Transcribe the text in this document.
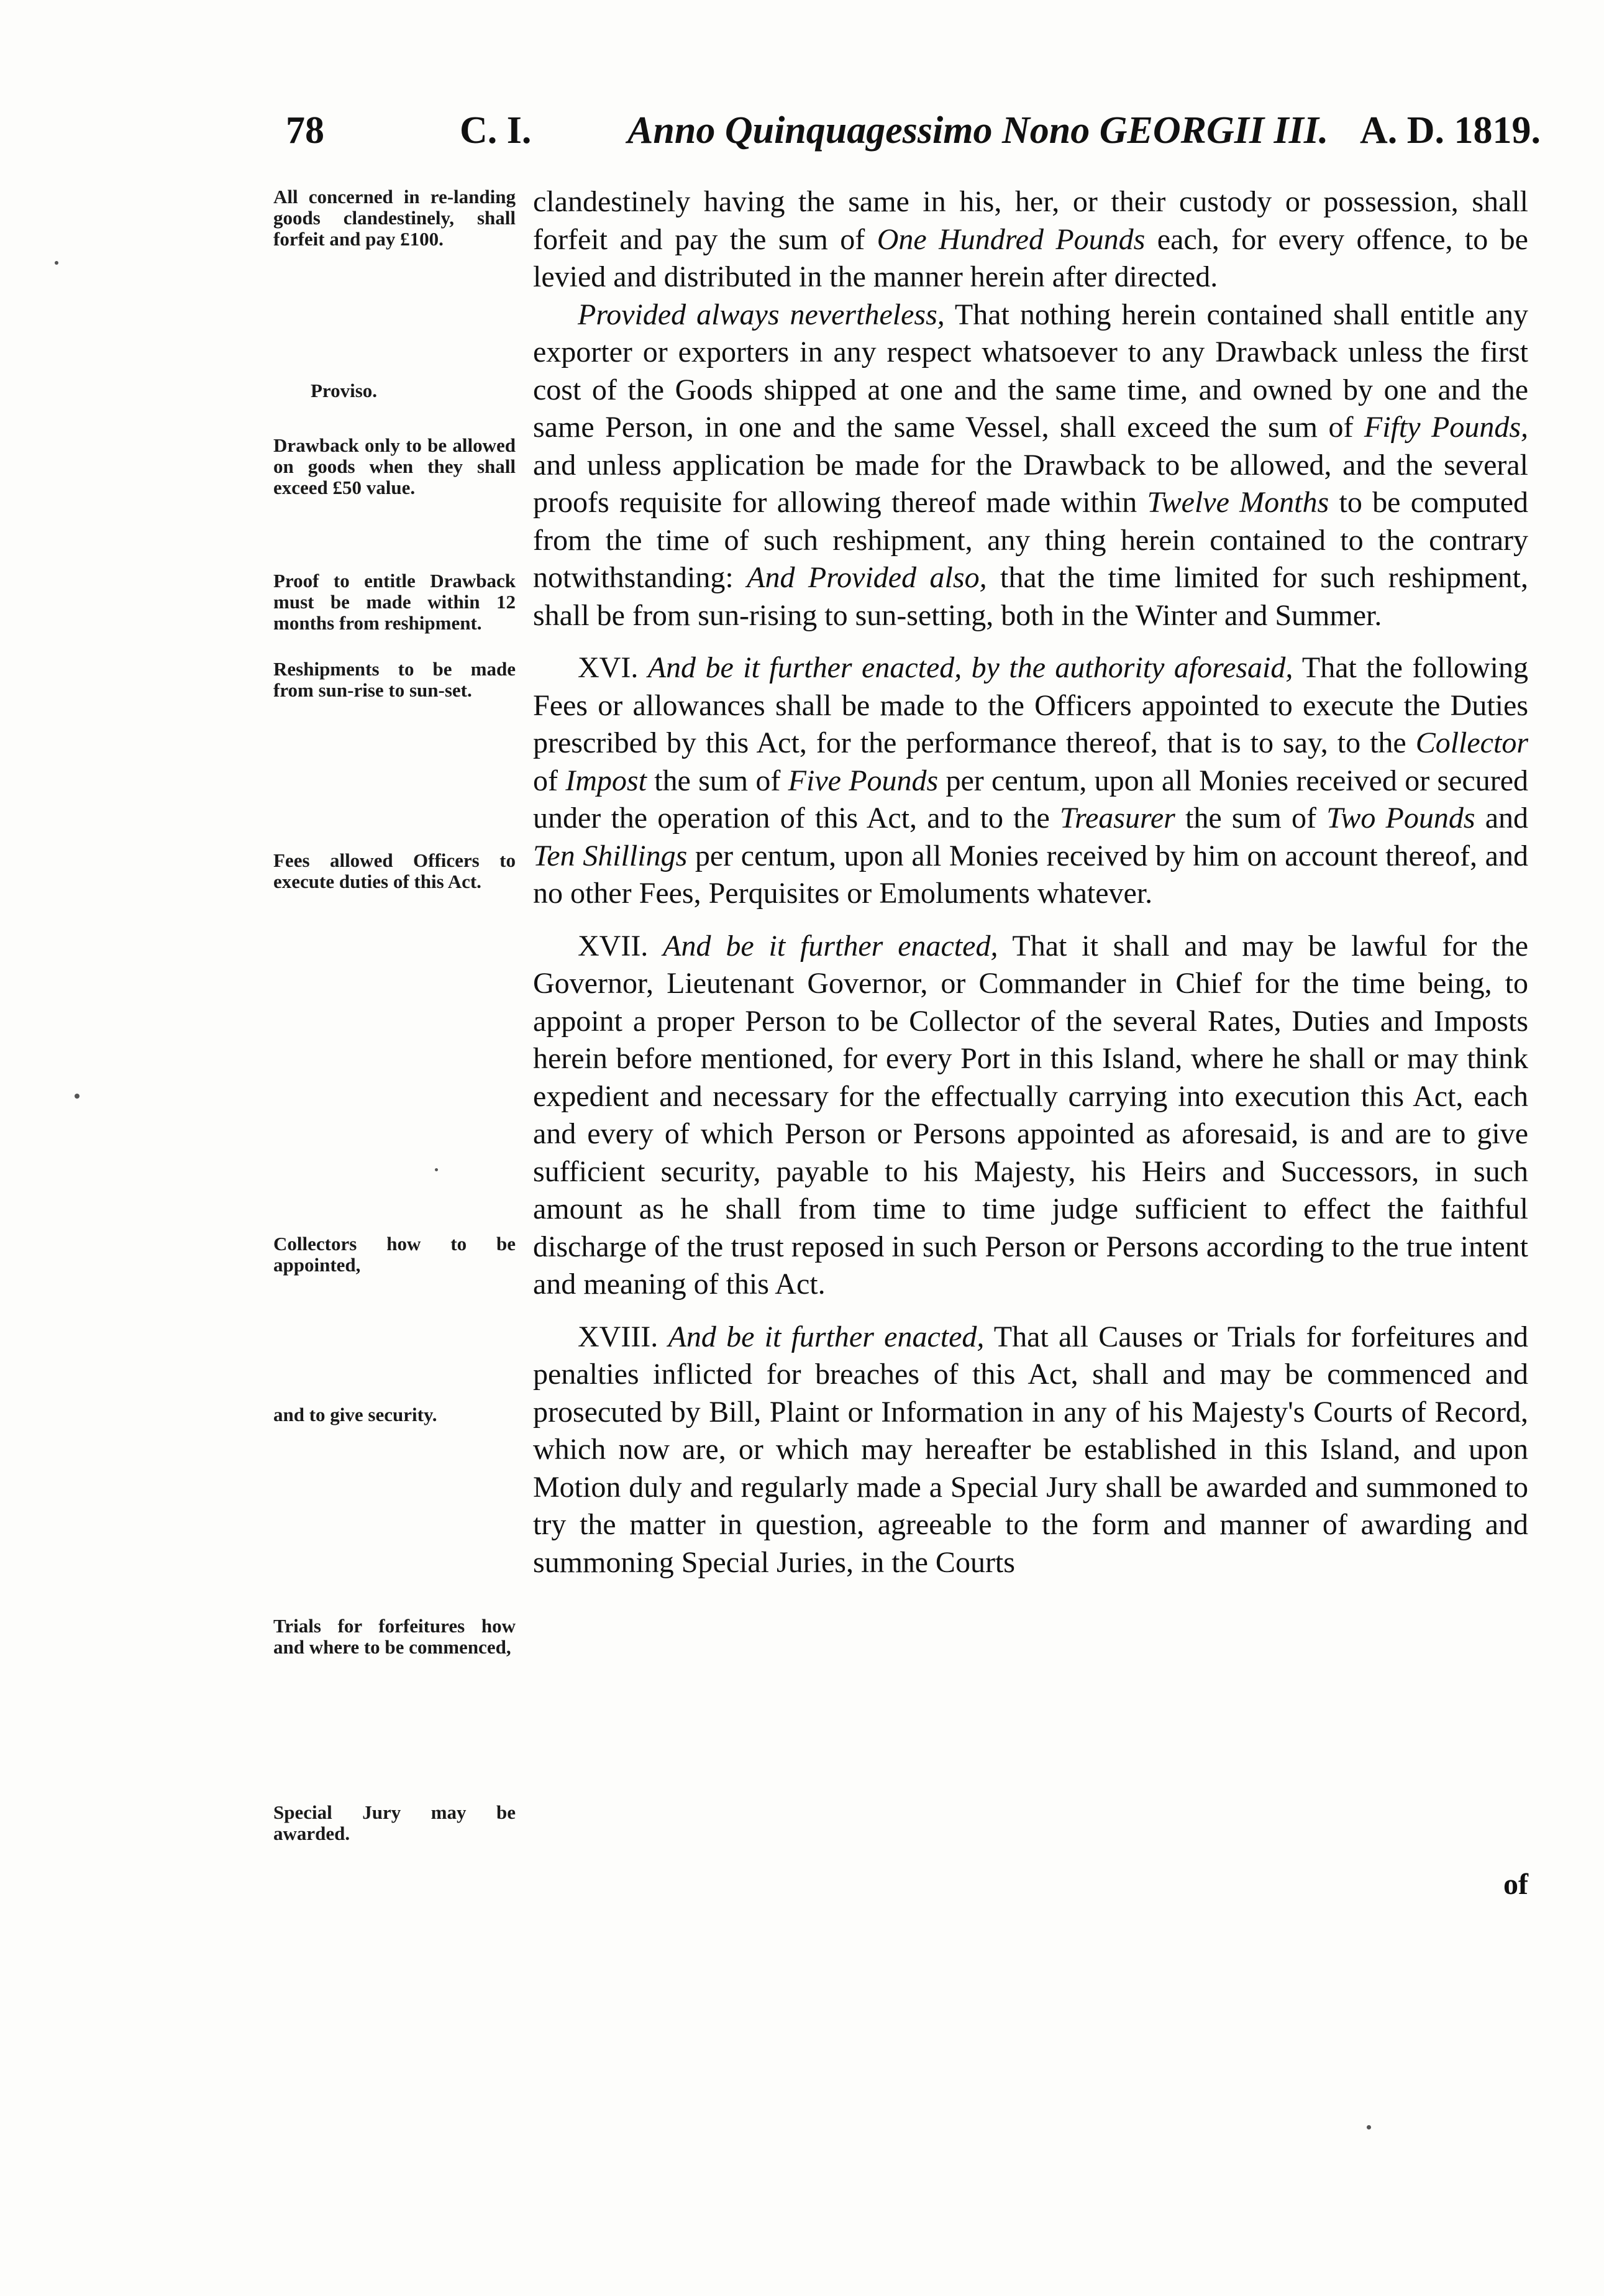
78	C. I. Anno Quinquagessimo Nono GEORGII III. A. D. 1819.
All concerned in re-landing goods clandestinely, shall forfeit and pay £100.
Proviso.
Drawback only to be allowed on goods when they shall exceed £50 value.
Proof to entitle Drawback must be made within 12 months from reshipment.
Reshipments to be made from sun-rise to sun-set.
Fees allowed Officers to execute duties of this Act.
Collectors how to be appointed,
and to give security.
Trials for forfeitures how and where to be commenced,
Special Jury may be awarded.

clandestinely having the same in his, her, or their custody or possession, shall forfeit and pay the sum of One Hundred Pounds each, for every offence, to be levied and distributed in the manner herein after directed.

Provided always nevertheless, That nothing herein contained shall entitle any exporter or exporters in any respect whatsoever to any Drawback unless the first cost of the Goods shipped at one and the same time, and owned by one and the same Person, in one and the same Vessel, shall exceed the sum of Fifty Pounds, and unless application be made for the Drawback to be allowed, and the several proofs requisite for allowing thereof made within Twelve Months to be computed from the time of such reshipment, any thing herein contained to the contrary notwithstanding: And Provided also, that the time limited for such reshipment, shall be from sun-rising to sun-setting, both in the Winter and Summer.

XVI. And be it further enacted, by the authority aforesaid, That the following Fees or allowances shall be made to the Officers appointed to execute the Duties prescribed by this Act, for the performance thereof, that is to say, to the Collector of Impost the sum of Five Pounds per centum, upon all Monies received or secured under the operation of this Act, and to the Treasurer the sum of Two Pounds and Ten Shillings per centum, upon all Monies received by him on account thereof, and no other Fees, Perquisites or Emoluments whatever.

XVII. And be it further enacted, That it shall and may be lawful for the Governor, Lieutenant Governor, or Commander in Chief for the time being, to appoint a proper Person to be Collector of the several Rates, Duties and Imposts herein before mentioned, for every Port in this Island, where he shall or may think expedient and necessary for the effectually carrying into execution this Act, each and every of which Person or Persons appointed as aforesaid, is and are to give sufficient security, payable to his Majesty, his Heirs and Successors, in such amount as he shall from time to time judge sufficient to effect the faithful discharge of the trust reposed in such Person or Persons according to the true intent and meaning of this Act.

XVIII. And be it further enacted, That all Causes or Trials for forfeitures and penalties inflicted for breaches of this Act, shall and may be commenced and prosecuted by Bill, Plaint or Information in any of his Majesty's Courts of Record, which now are, or which may hereafter be established in this Island, and upon Motion duly and regularly made a Special Jury shall be awarded and summoned to try the matter in question, agreeable to the form and manner of awarding and summoning Special Juries, in the Courts

of
